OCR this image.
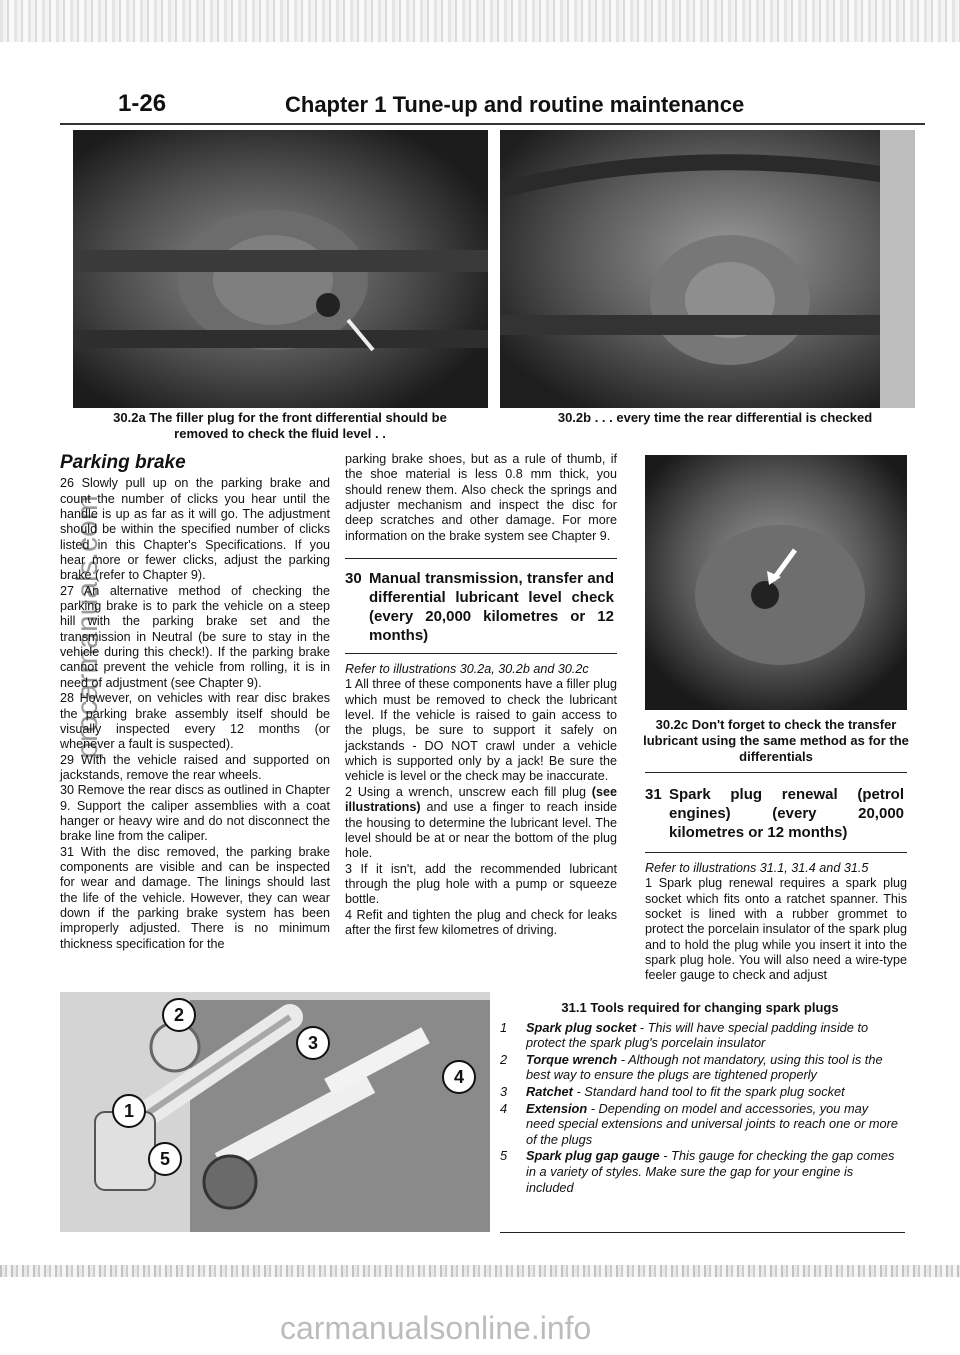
1-26	Chapter 1 Tune-up and routine maintenance
30.2a The filler plug for the front differential should be removed to check the fluid level . .
30.2b . . . every time the rear differential is checked
procarmanuals.com
Parking brake

26 Slowly pull up on the parking brake and count the number of clicks you hear until the handle is up as far as it will go. The adjustment should be within the specified number of clicks listed in this Chapter's Specifications. If you hear more or fewer clicks, adjust the parking brake (refer to Chapter 9).

27 An alternative method of checking the parking brake is to park the vehicle on a steep hill with the parking brake set and the transmission in Neutral (be sure to stay in the vehicle during this check!). If the parking brake cannot prevent the vehicle from rolling, it is in need of adjustment (see Chapter 9).

28 However, on vehicles with rear disc brakes the parking brake assembly itself should be visually inspected every 12 months (or whenever a fault is suspected).

29 With the vehicle raised and supported on jackstands, remove the rear wheels.

30 Remove the rear discs as outlined in Chapter 9. Support the caliper assemblies with a coat hanger or heavy wire and do not disconnect the brake line from the caliper.

31 With the disc removed, the parking brake components are visible and can be inspected for wear and damage. The linings should last the life of the vehicle. However, they can wear down if the parking brake system has been improperly adjusted. There is no minimum thickness specification for the

parking brake shoes, but as a rule of thumb, if the shoe material is less 0.8 mm thick, you should renew them. Also check the springs and adjuster mechanism and inspect the disc for deep scratches and other damage. For more information on the brake system see Chapter 9.

30 Manual transmission, transfer and differential lubricant level check (every 20,000 kilometres or 12 months)

Refer to illustrations 30.2a, 30.2b and 30.2c

1 All three of these components have a filler plug which must be removed to check the lubricant level. If the vehicle is raised to gain access to the plugs, be sure to support it safely on jackstands - DO NOT crawl under a vehicle which is supported only by a jack! Be sure the vehicle is level or the check may be inaccurate.

2 Using a wrench, unscrew each fill plug (see illustrations) and use a finger to reach inside the housing to determine the lubricant level. The level should be at or near the bottom of the plug hole.

3 If it isn't, add the recommended lubricant through the plug hole with a pump or squeeze bottle.

4 Refit and tighten the plug and check for leaks after the first few kilometres of driving.

30.2c Don't forget to check the transfer lubricant using the same method as for the differentials
31 Spark plug renewal (petrol engines) (every 20,000 kilometres or 12 months)

Refer to illustrations 31.1, 31.4 and 31.5

1 Spark plug renewal requires a spark plug socket which fits onto a ratchet spanner. This socket is lined with a rubber grommet to protect the porcelain insulator of the spark plug and to hold the plug while you insert it into the spark plug hole. You will also need a wire-type feeler gauge to check and adjust

2
3
4
1
5
31.1 Tools required for changing spark plugs
1	Spark plug socket - This will have special padding inside to protect the spark plug's porcelain insulator
2	Torque wrench - Although not mandatory, using this tool is the best way to ensure the plugs are tightened properly
3	Ratchet - Standard hand tool to fit the spark plug socket
4	Extension - Depending on model and accessories, you may need special extensions and universal joints to reach one or more of the plugs
5	Spark plug gap gauge - This gauge for checking the gap comes in a variety of styles. Make sure the gap for your engine is included
carmanualsonline.info
